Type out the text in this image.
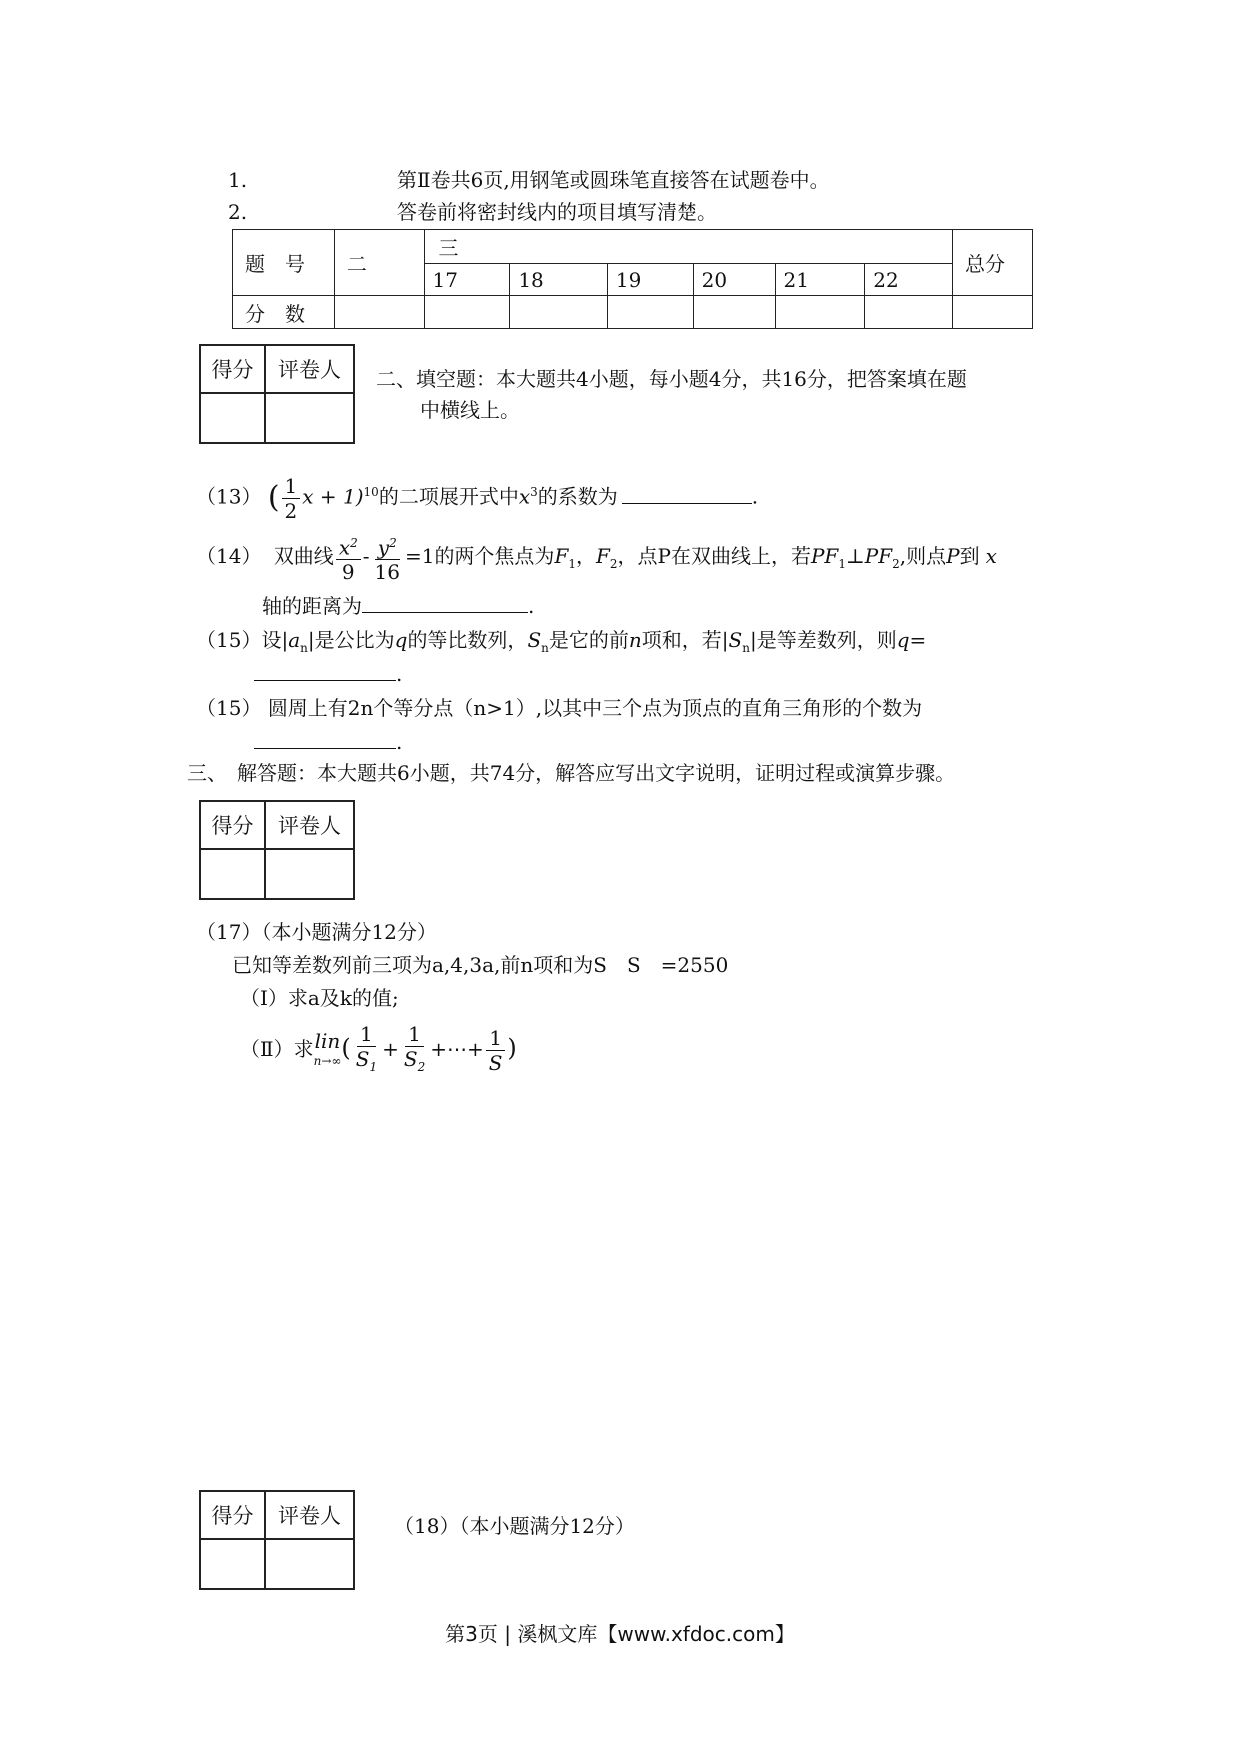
1.	第Ⅱ卷共6页,用钢笔或圆珠笔直接答在试题卷中。
2.	答卷前将密封线内的项目填写清楚。
题　号	二	三						总分
		17	18	19	20	21	22	
分　数								
得分	评卷人
	二、填空题：本大题共4小题，每小题4分，共16分，把答案填在题
中横线上。
（13） ( $\frac{1}{2}$ x + 1)$^{10}$的二项展开式中$x^3$的系数为	.
（14） 双曲线 $\frac{x^2}{9} - \frac{y^2}{16} =1$的两个焦点为$F_1$，$F_2$，点P在双曲线上，若$PF_1\perp PF_2$,则点P到 x
轴的距离为	.
（15）设$|a_n|$是公比为q的等比数列，$S_n$是它的前n项和，若$|S_n|$是等差数列，则q=
.
（15） 圆周上有2n个等分点（n>1）,以其中三个点为顶点的直角三角形的个数为
.
三、　解答题：本大题共6小题，共74分，解答应写出文字说明，证明过程或演算步骤。
得分	评卷人

（17）（本小题满分12分）
已知等差数列前三项为a,4,3a,前n项和为S　S　=2550
（Ⅰ）求a及k的值;
（Ⅱ）求 lin
n→∞ ( $\frac{1}{S_1} + \frac{1}{S_2}$ +⋯+ $\frac{1}{S}$ )
得分	评卷人
		（18）（本小题满分12分）
第3页 | 溪枫文库【www.xfdoc.com】
